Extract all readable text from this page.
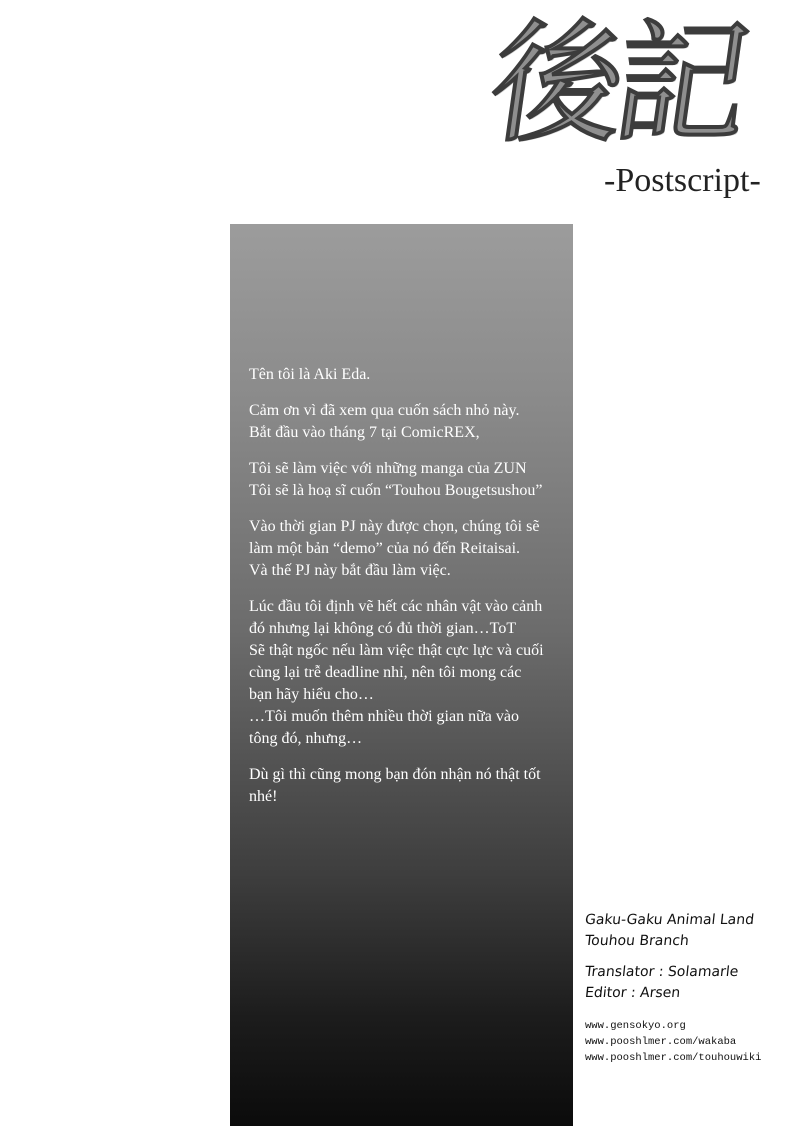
後記
-Postscript-
Tên tôi là Aki Eda.
Cảm ơn vì đã xem qua cuốn sách nhỏ này.
Bắt đầu vào tháng 7 tại ComicREX,
Tôi sẽ làm việc với những manga của ZUN
Tôi sẽ là hoạ sĩ cuốn “Touhou Bougetsushou”
Vào thời gian PJ này được chọn, chúng tôi sẽ
làm một bản “demo” của nó đến Reitaisai.
Và thế PJ này bắt đầu làm việc.
Lúc đầu tôi định vẽ hết các nhân vật vào cảnh
đó nhưng lại không có đủ thời gian…ToT
Sẽ thật ngốc nếu làm việc thật cực lực và cuối
cùng lại trễ deadline nhỉ, nên tôi mong các
bạn hãy hiểu cho…
…Tôi muốn thêm nhiều thời gian nữa vào
tông đó, nhưng…
Dù gì thì cũng mong bạn đón nhận nó thật tốt
nhé!
Gaku-Gaku Animal Land
Touhou Branch
Translator : Solamarle
Editor : Arsen
www.gensokyo.org
www.pooshlmer.com/wakaba
www.pooshlmer.com/touhouwiki
